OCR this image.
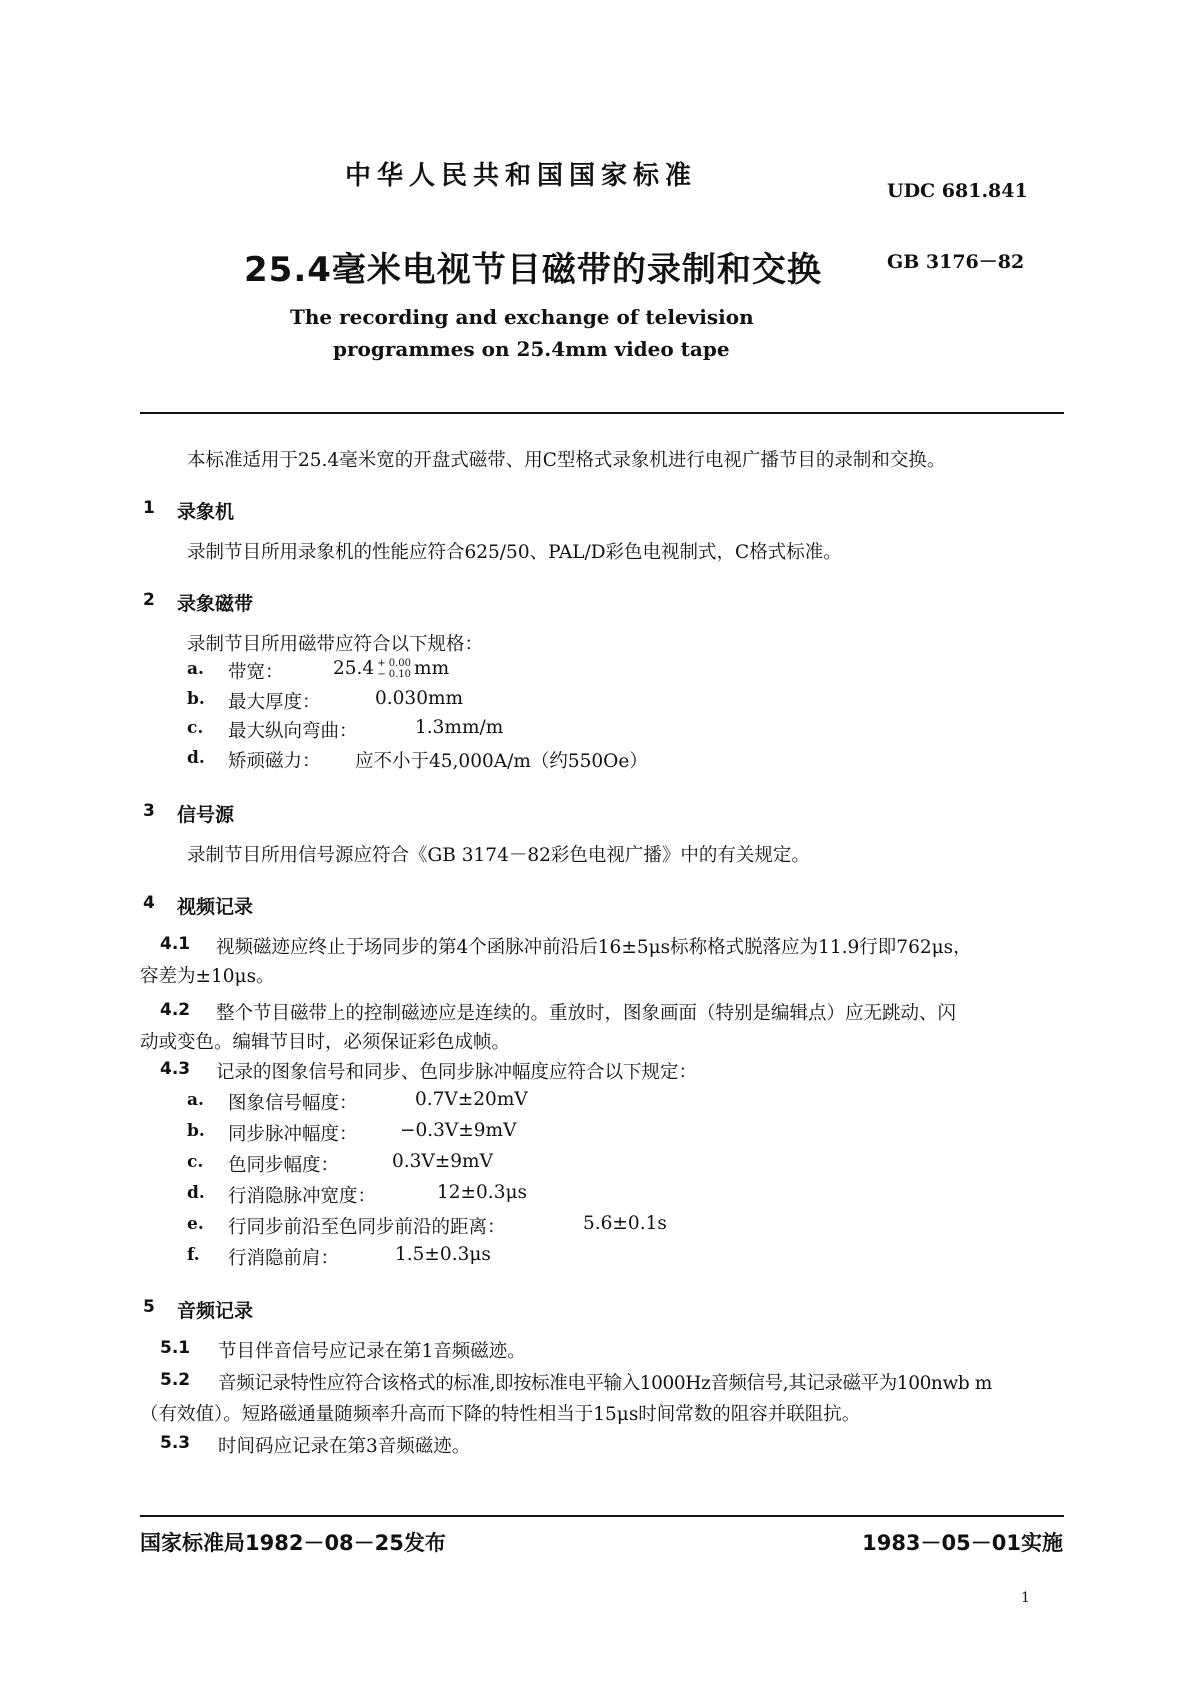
中华人民共和国国家标准	UDC 681.841
25.4毫米电视节目磁带的录制和交换	GB 3176－82
The recording and exchange of television
programmes on 25.4mm video tape
本标准适用于25.4毫米宽的开盘式磁带、用C型格式录象机进行电视广播节目的录制和交换。
1 录象机
录制节目所用录象机的性能应符合625/50、PAL/D彩色电视制式，C格式标准。
2 录象磁带
录制节目所用磁带应符合以下规格：
a. 带宽：	25.4 + 0.00
− 0.10 mm
b. 最大厚度：	0.030mm
c. 最大纵向弯曲：	1.3mm/m
d. 矫顽磁力： 应不小于45,000A/m（约550Oe）
3 信号源
录制节目所用信号源应符合《GB 3174－82彩色电视广播》中的有关规定。
4 视频记录
4.1 视频磁迹应终止于场同步的第4个函脉冲前沿后16±5μs标称格式脱落应为11.9行即762μs，
容差为±10μs。
4.2 整个节目磁带上的控制磁迹应是连续的。重放时，图象画面（特别是编辑点）应无跳动、闪
动或变色。编辑节目时，必须保证彩色成帧。
4.3 记录的图象信号和同步、色同步脉冲幅度应符合以下规定：
a. 图象信号幅度：	0.7V±20mV
b. 同步脉冲幅度： −0.3V±9mV
c. 色同步幅度：	0.3V±9mV
d. 行消隐脉冲宽度：	12±0.3μs
e. 行同步前沿至色同步前沿的距离：	5.6±0.1s
f. 行消隐前肩：	1.5±0.3μs
5 音频记录
5.1 节目伴音信号应记录在第1音频磁迹。
5.2 音频记录特性应符合该格式的标准,即按标准电平输入1000Hz音频信号,其记录磁平为100nwb m
（有效值）。短路磁通量随频率升高而下降的特性相当于15μs时间常数的阻容并联阻抗。
5.3 时间码应记录在第3音频磁迹。
国家标准局1982－08－25发布	1983－05－01实施
1
